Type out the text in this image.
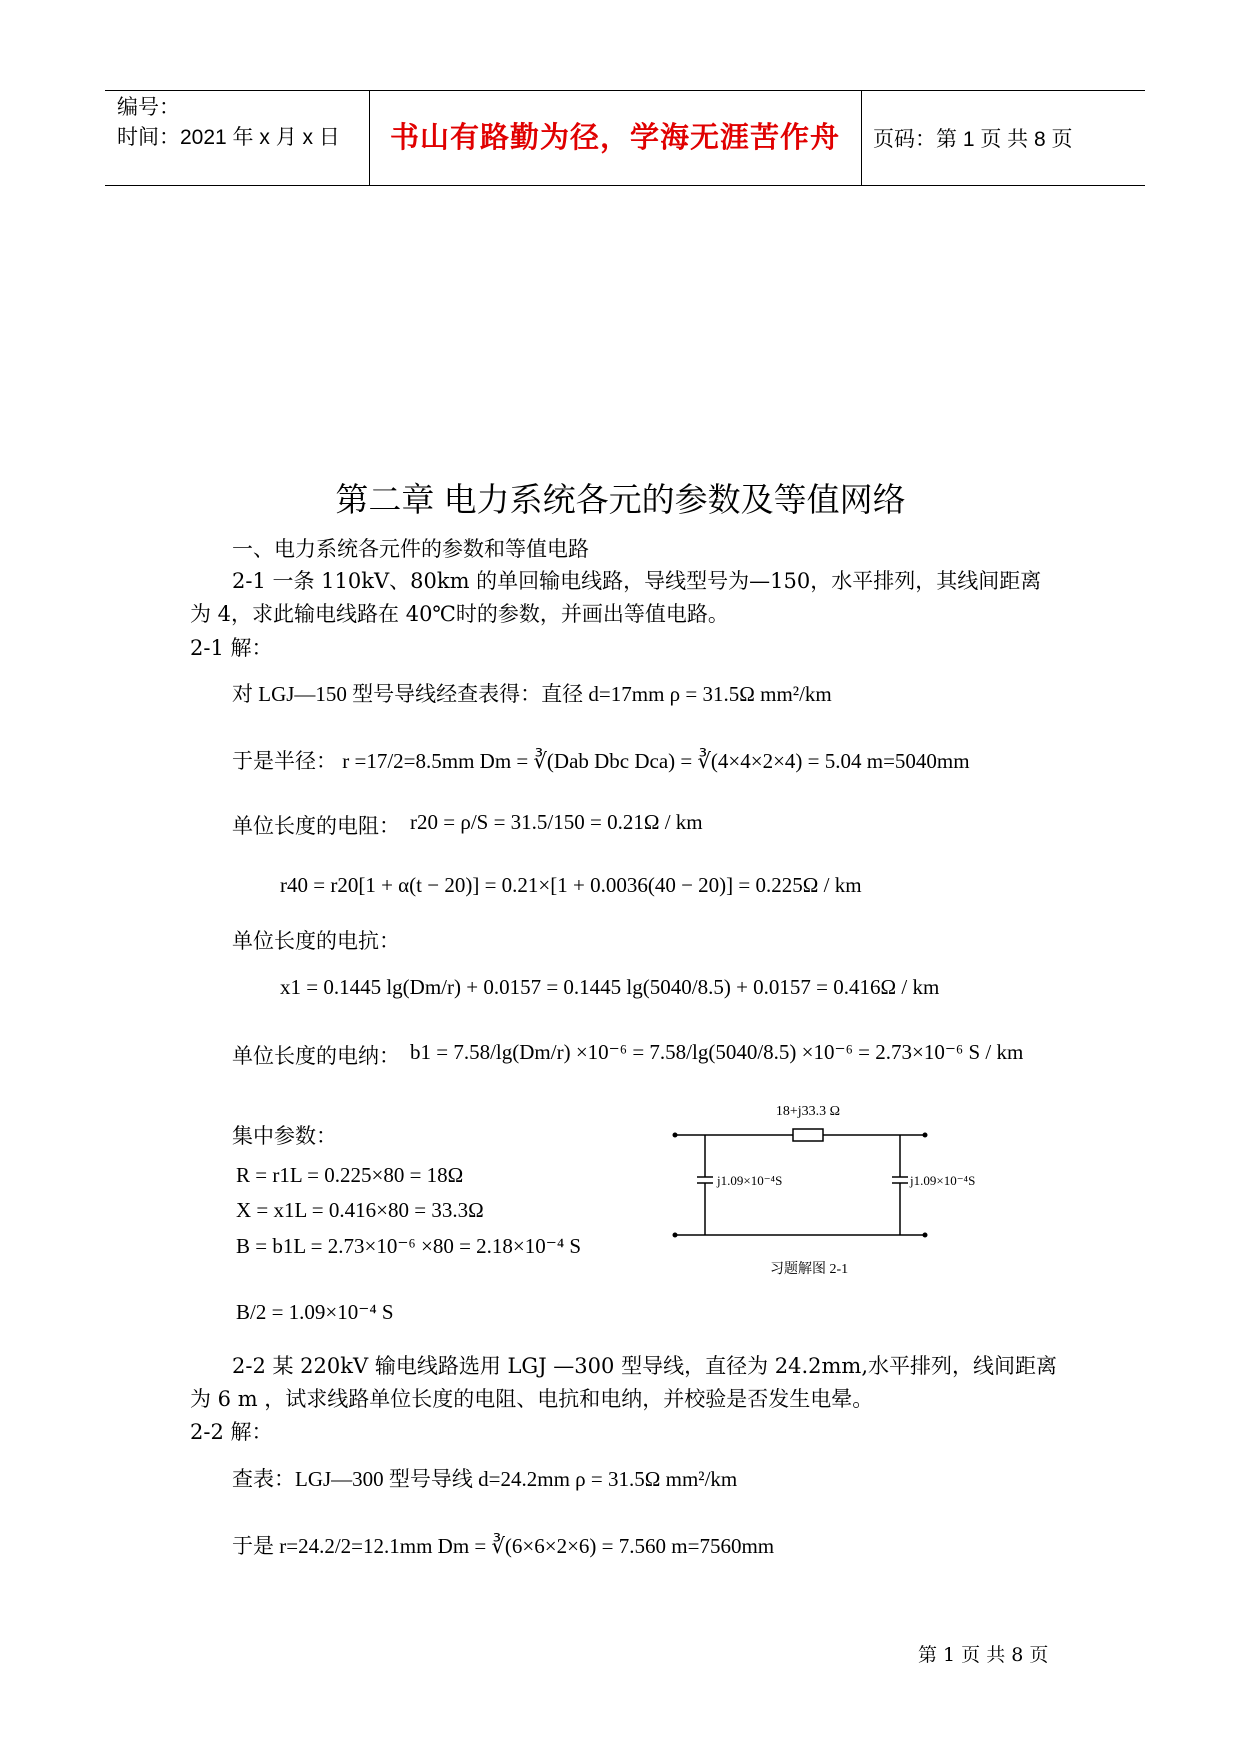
编号：
时间：2021 年 x 月 x 日	书山有路勤为径，学海无涯苦作舟	页码：第 1 页 共 8 页
第二章 电力系统各元的参数及等值网络
一、电力系统各元件的参数和等值电路
2-1 一条 110kV、80km 的单回输电线路，导线型号为—150，水平排列，其线间距离
为 4，求此输电线路在 40℃时的参数，并画出等值电路。
2-1 解：
对 LGJ—150 型号导线经查表得：直径 d=17mm ρ = 31.5Ω mm²/km
于是半径： r =17/2=8.5mm Dm = ∛(Dab Dbc Dca) = ∛(4×4×2×4) = 5.04 m=5040mm
单位长度的电阻： r20 = ρ/S = 31.5/150 = 0.21Ω / km
r40 = r20[1 + α(t − 20)] = 0.21×[1 + 0.0036(40 − 20)] = 0.225Ω / km
单位长度的电抗：
x1 = 0.1445 lg(Dm/r) + 0.0157 = 0.1445 lg(5040/8.5) + 0.0157 = 0.416Ω / km
单位长度的电纳： b1 = 7.58/lg(Dm/r) ×10⁻⁶ = 7.58/lg(5040/8.5) ×10⁻⁶ = 2.73×10⁻⁶ S / km
集中参数：
R = r1L = 0.225×80 = 18Ω
X = x1L = 0.416×80 = 33.3Ω
B = b1L = 2.73×10⁻⁶ ×80 = 2.18×10⁻⁴ S
B/2 = 1.09×10⁻⁴ S
18+j33.3 Ω
j1.09×10⁻⁴S	j1.09×10⁻⁴S
习题解图 2-1
2-2 某 220kV 输电线路选用 LGJ —300 型导线，直径为 24.2mm,水平排列，线间距离
为 6 m ，试求线路单位长度的电阻、电抗和电纳，并校验是否发生电晕。
2-2 解：
查表：LGJ—300 型号导线 d=24.2mm ρ = 31.5Ω mm²/km
于是 r=24.2/2=12.1mm Dm = ∛(6×6×2×6) = 7.560 m=7560mm
第 1 页 共 8 页
